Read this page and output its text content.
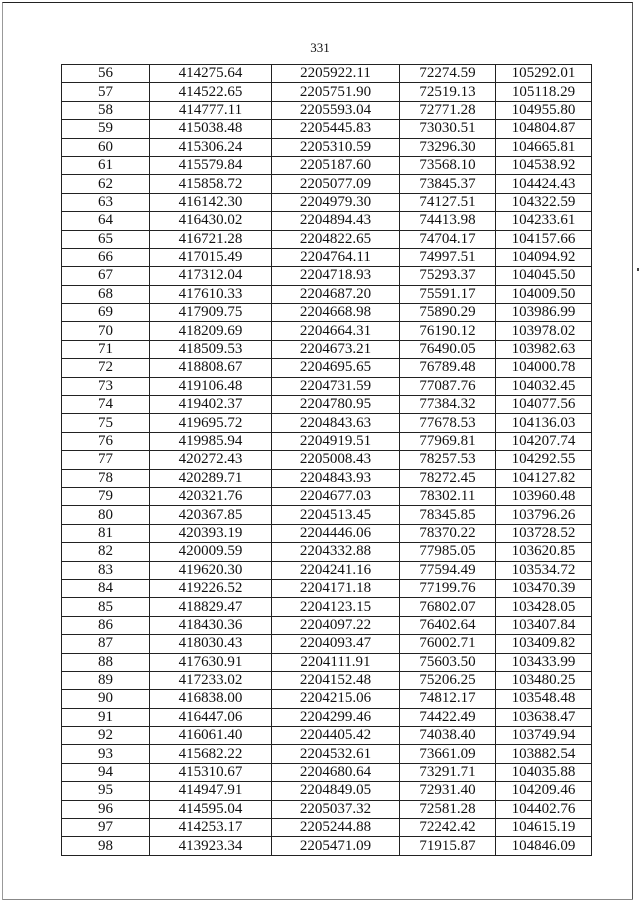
331
56	414275.64	2205922.11	72274.59	105292.01
57	414522.65	2205751.90	72519.13	105118.29
58	414777.11	2205593.04	72771.28	104955.80
59	415038.48	2205445.83	73030.51	104804.87
60	415306.24	2205310.59	73296.30	104665.81
61	415579.84	2205187.60	73568.10	104538.92
62	415858.72	2205077.09	73845.37	104424.43
63	416142.30	2204979.30	74127.51	104322.59
64	416430.02	2204894.43	74413.98	104233.61
65	416721.28	2204822.65	74704.17	104157.66
66	417015.49	2204764.11	74997.51	104094.92
67	417312.04	2204718.93	75293.37	104045.50
68	417610.33	2204687.20	75591.17	104009.50
69	417909.75	2204668.98	75890.29	103986.99
70	418209.69	2204664.31	76190.12	103978.02
71	418509.53	2204673.21	76490.05	103982.63
72	418808.67	2204695.65	76789.48	104000.78
73	419106.48	2204731.59	77087.76	104032.45
74	419402.37	2204780.95	77384.32	104077.56
75	419695.72	2204843.63	77678.53	104136.03
76	419985.94	2204919.51	77969.81	104207.74
77	420272.43	2205008.43	78257.53	104292.55
78	420289.71	2204843.93	78272.45	104127.82
79	420321.76	2204677.03	78302.11	103960.48
80	420367.85	2204513.45	78345.85	103796.26
81	420393.19	2204446.06	78370.22	103728.52
82	420009.59	2204332.88	77985.05	103620.85
83	419620.30	2204241.16	77594.49	103534.72
84	419226.52	2204171.18	77199.76	103470.39
85	418829.47	2204123.15	76802.07	103428.05
86	418430.36	2204097.22	76402.64	103407.84
87	418030.43	2204093.47	76002.71	103409.82
88	417630.91	2204111.91	75603.50	103433.99
89	417233.02	2204152.48	75206.25	103480.25
90	416838.00	2204215.06	74812.17	103548.48
91	416447.06	2204299.46	74422.49	103638.47
92	416061.40	2204405.42	74038.40	103749.94
93	415682.22	2204532.61	73661.09	103882.54
94	415310.67	2204680.64	73291.71	104035.88
95	414947.91	2204849.05	72931.40	104209.46
96	414595.04	2205037.32	72581.28	104402.76
97	414253.17	2205244.88	72242.42	104615.19
98	413923.34	2205471.09	71915.87	104846.09
